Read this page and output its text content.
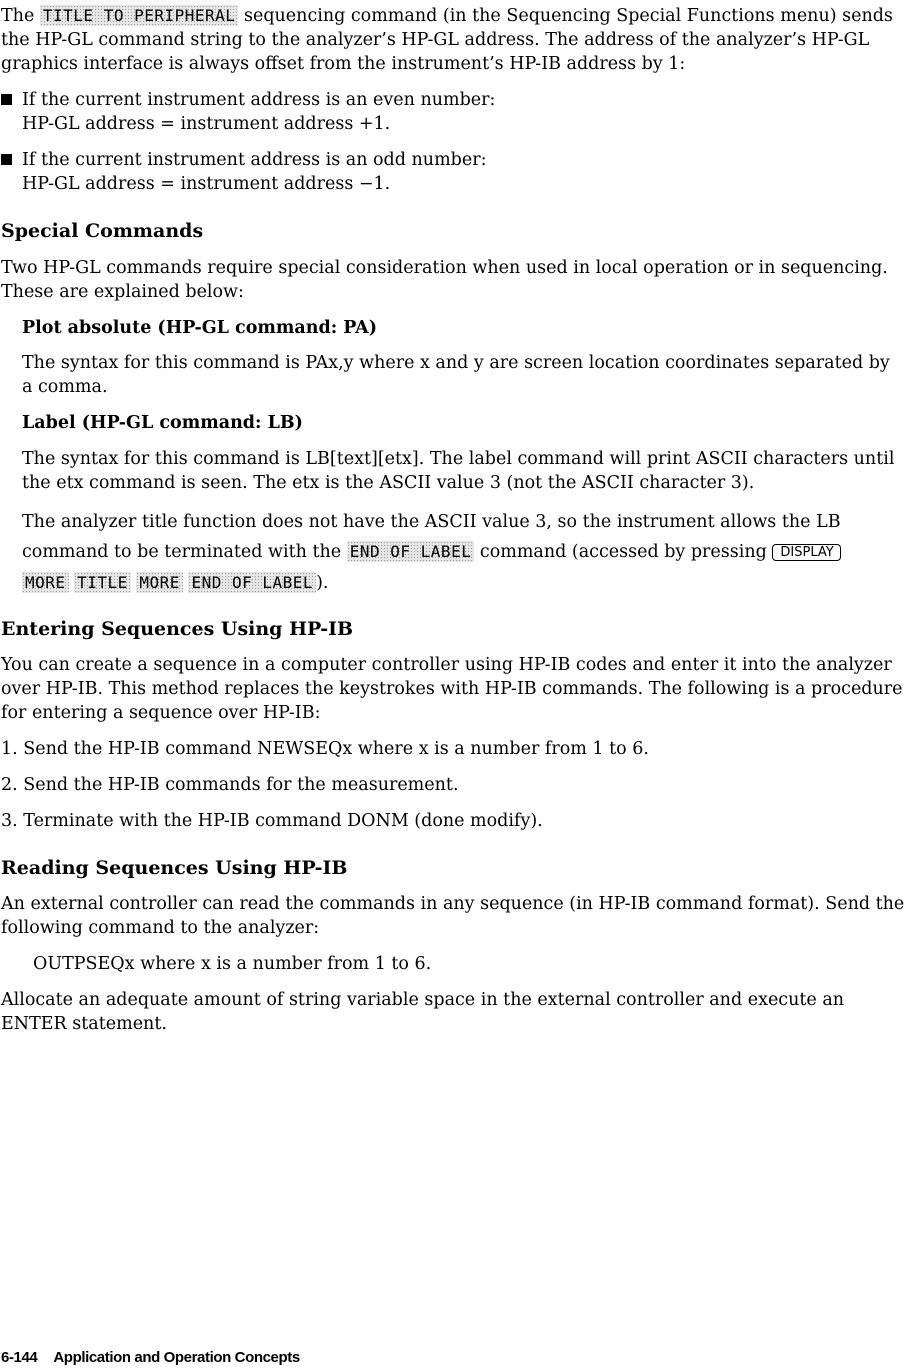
The TITLE TO PERIPHERAL sequencing command (in the Sequencing Special Functions menu) sends the HP-GL command string to the analyzer’s HP-GL address. The address of the analyzer’s HP-GL graphics interface is always offset from the instrument’s HP-IB address by 1:

If the current instrument address is an even number:

HP-GL address = instrument address +1.

If the current instrument address is an odd number:

HP-GL address = instrument address −1.

Special Commands

Two HP-GL commands require special consideration when used in local operation or in sequencing. These are explained below:

Plot absolute (HP-GL command: PA)

The syntax for this command is PAx,y where x and y are screen location coordinates separated by a comma.

Label (HP-GL command: LB)

The syntax for this command is LB[text][etx]. The label command will print ASCII characters until the etx command is seen. The etx is the ASCII value 3 (not the ASCII character 3).

The analyzer title function does not have the ASCII value 3, so the instrument allows the LB command to be terminated with the END OF LABEL command (accessed by pressing DISPLAY
MORE TITLE MORE END OF LABEL ).

Entering Sequences Using HP-IB

You can create a sequence in a computer controller using HP-IB codes and enter it into the analyzer over HP-IB. This method replaces the keystrokes with HP-IB commands. The following is a procedure for entering a sequence over HP-IB:

1. Send the HP-IB command NEWSEQx where x is a number from 1 to 6.

2. Send the HP-IB commands for the measurement.

3. Terminate with the HP-IB command DONM (done modify).

Reading Sequences Using HP-IB

An external controller can read the commands in any sequence (in HP-IB command format). Send the following command to the analyzer:

OUTPSEQx where x is a number from 1 to 6.

Allocate an adequate amount of string variable space in the external controller and execute an ENTER statement.

6-144 Application and Operation Concepts
